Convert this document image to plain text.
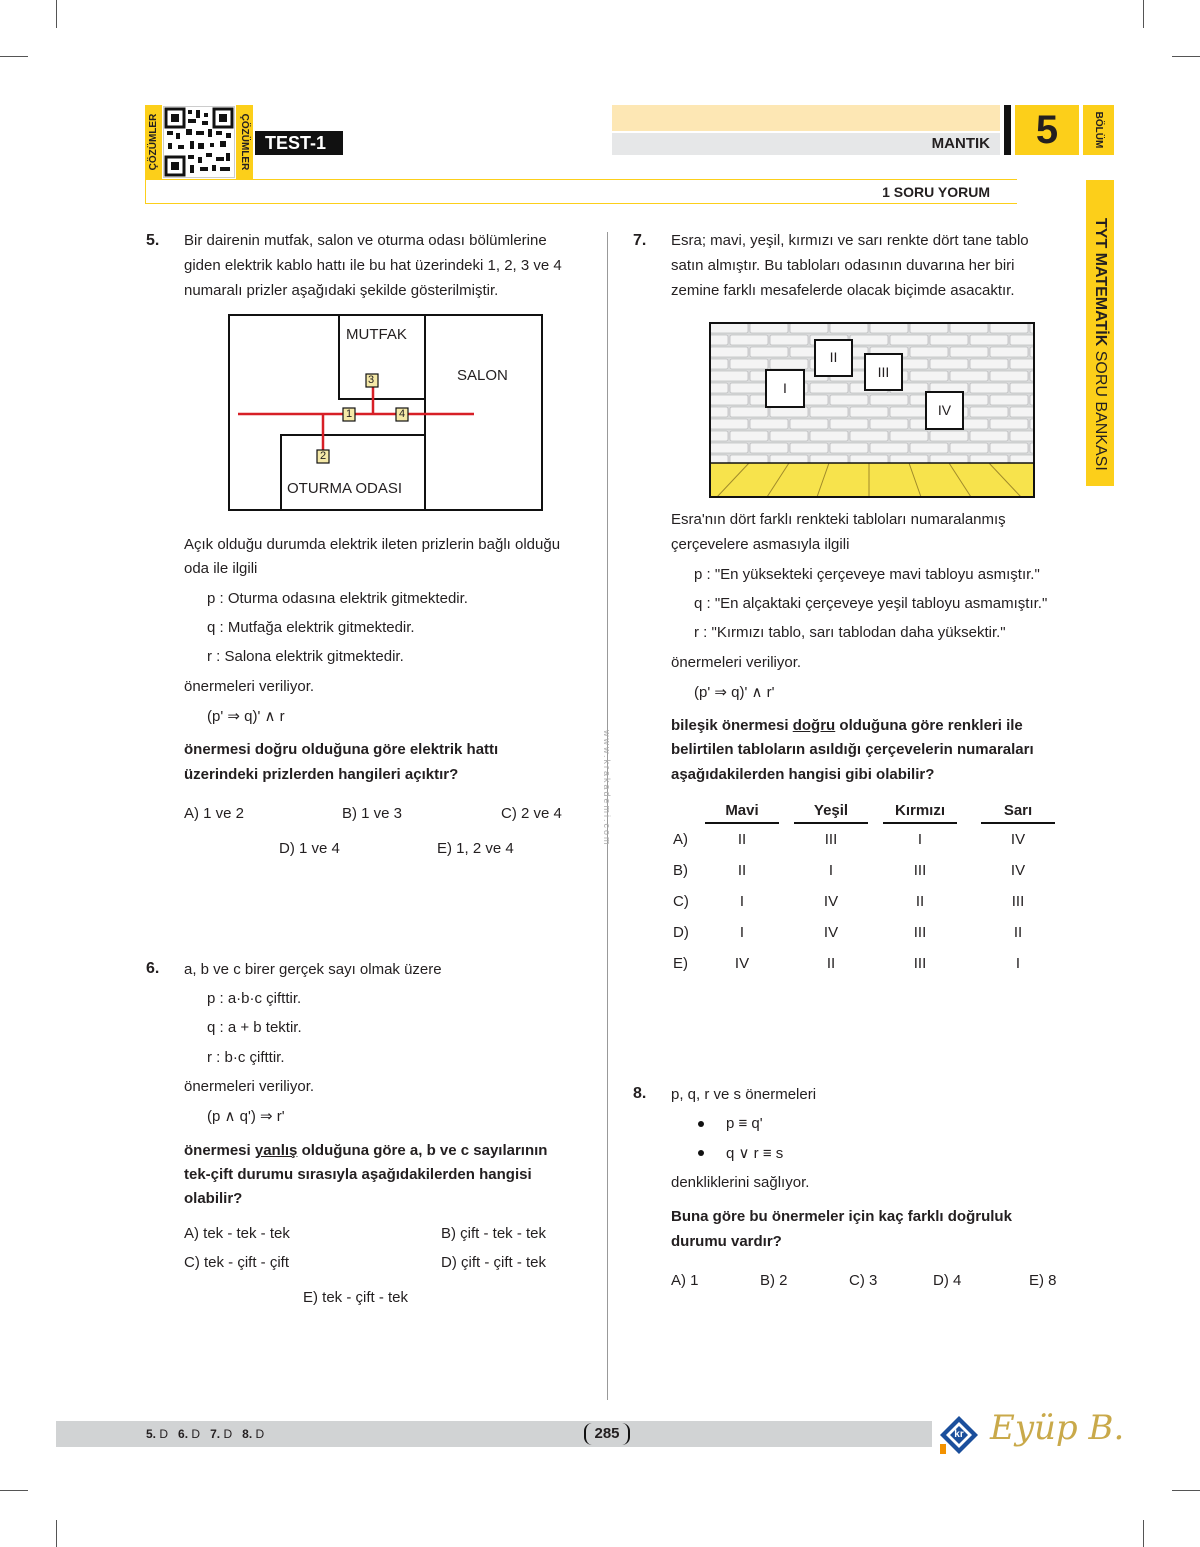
ÇÖZÜMLER	ÇÖZÜMLER TEST-1	MANTIK	5	BÖLÜM
1 SORU YORUM
TYT MATEMATİK SORU BANKASI
www.krakademi.com
5. Bir dairenin mutfak, salon ve oturma odası bölümlerine
giden elektrik kablo hattı ile bu hat üzerindeki 1, 2, 3 ve 4
numaralı prizler aşağıdaki şekilde gösterilmiştir.
MUTFAK
SALON
OTURMA ODASI
3
1	4
2
Açık olduğu durumda elektrik ileten prizlerin bağlı olduğu
oda ile ilgili
p : Oturma odasına elektrik gitmektedir.
q : Mutfağa elektrik gitmektedir.
r : Salona elektrik gitmektedir.
önermeleri veriliyor.
(p' ⇒ q)' ∧ r
önermesi doğru olduğuna göre elektrik hattı
üzerindeki prizlerden hangileri açıktır?
A) 1 ve 2	B) 1 ve 3	C) 2 ve 4
D) 1 ve 4	E) 1, 2 ve 4
6. a, b ve c birer gerçek sayı olmak üzere
p : a·b·c çifttir.
q : a + b tektir.
r : b·c çifttir.
önermeleri veriliyor.
(p ∧ q') ⇒ r'
önermesi yanlış olduğuna göre a, b ve c sayılarının
tek-çift durumu sırasıyla aşağıdakilerden hangisi
olabilir?
A) tek - tek - tek	B) çift - tek - tek
C) tek - çift - çift	D) çift - çift - tek
E) tek - çift - tek
7. Esra; mavi, yeşil, kırmızı ve sarı renkte dört tane tablo
satın almıştır. Bu tabloları odasının duvarına her biri
zemine farklı mesafelerde olacak biçimde asacaktır.
I
II
III
IV
Esra'nın dört farklı renkteki tabloları numaralanmış
çerçevelere asmasıyla ilgili
p : "En yüksekteki çerçeveye mavi tabloyu asmıştır."
q : "En alçaktaki çerçeveye yeşil tabloyu asmamıştır."
r : "Kırmızı tablo, sarı tablodan daha yüksektir."
önermeleri veriliyor.
(p' ⇒ q)' ∧ r'
bileşik önermesi doğru olduğuna göre renkleri ile
belirtilen tabloların asıldığı çerçevelerin numaraları
aşağıdakilerden hangisi gibi olabilir?
Mavi	Yeşil	Kırmızı	Sarı
A)	II	III	I	IV
B)	II	I	III	IV
C)	I	IV	II	III
D)	I	IV	III	II
E)	IV	II	III	I
8. p, q, r ve s önermeleri
p ≡ q'
q ∨ r ≡ s
denkliklerini sağlıyor.
Buna göre bu önermeler için kaç farklı doğruluk
durumu vardır?
A) 1	B) 2	C) 3	D) 4	E) 8
5. D 6. D 7. D 8. D	285	kr Eyüp B.
